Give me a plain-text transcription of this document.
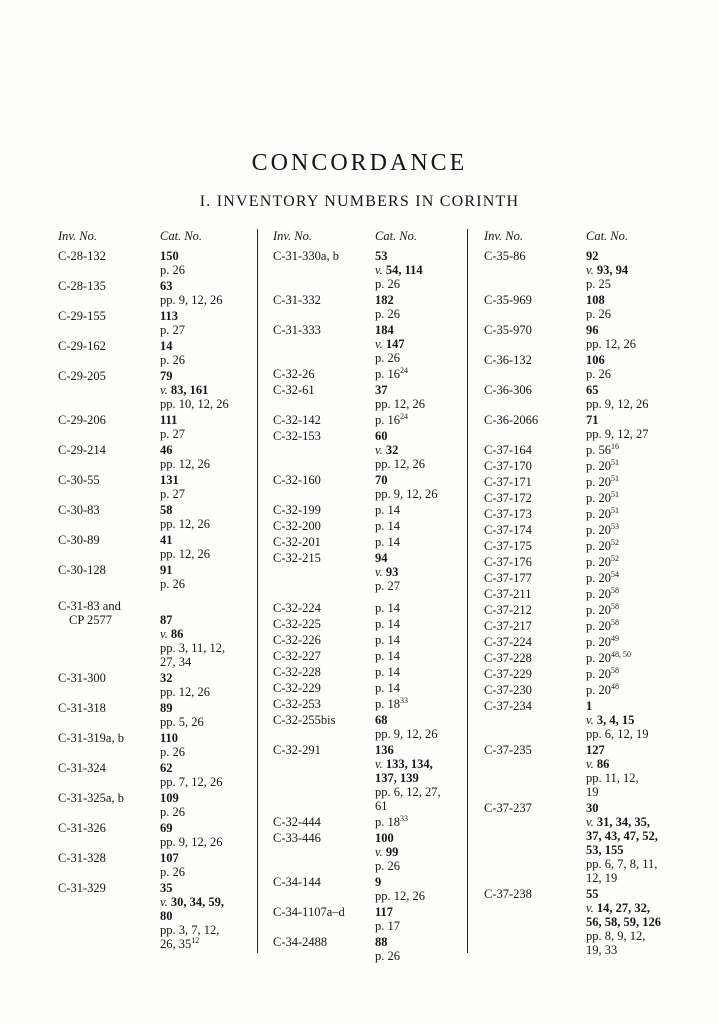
CONCORDANCE
I. INVENTORY NUMBERS IN CORINTH
Inv. No.	Cat. No.
C-28-132	150
p. 26
C-28-135	63
pp. 9, 12, 26
C-29-155	113
p. 27
C-29-162	14
p. 26
C-29-205	79
v. 83, 161
pp. 10, 12, 26
C-29-206	111
p. 27
C-29-214	46
pp. 12, 26
C-30-55	131
p. 27
C-30-83	58
pp. 12, 26
C-30-89	41
pp. 12, 26
C-30-128	91
p. 26
C-31-83 and
CP 2577	87
v. 86
pp. 3, 11, 12,
27, 34
C-31-300	32
pp. 12, 26
C-31-318	89
pp. 5, 26
C-31-319a, b	110
p. 26
C-31-324	62
pp. 7, 12, 26
C-31-325a, b	109
p. 26
C-31-326	69
pp. 9, 12, 26
C-31-328	107
p. 26
C-31-329	35
v. 30, 34, 59,
80
pp. 3, 7, 12,
26, $35^{12}$
Inv. No.	Cat. No.
C-31-330a, b	53
v. 54, 114
p. 26
C-31-332	182
p. 26
C-31-333	184
v. 147
p. 26
C-32-26	p. $16^{24}$
C-32-61	37
pp. 12, 26
C-32-142	p. $16^{24}$
C-32-153	60
v. 32
pp. 12, 26
C-32-160	70
pp. 9, 12, 26
C-32-199	p. 14
C-32-200	p. 14
C-32-201	p. 14
C-32-215	94
v. 93
p. 27
C-32-224	p. 14
C-32-225	p. 14
C-32-226	p. 14
C-32-227	p. 14
C-32-228	p. 14
C-32-229	p. 14
C-32-253	p. $18^{33}$
C-32-255bis	68
pp. 9, 12, 26
C-32-291	136
v. 133, 134,
137, 139
pp. 6, 12, 27,
61
C-32-444	p. $18^{33}$
C-33-446	100
v. 99
p. 26
C-34-144	9
pp. 12, 26
C-34-1107a–d	117
p. 17
C-34-2488	88
p. 26
Inv. No.	Cat. No.
C-35-86	92
v. 93, 94
p. 25
C-35-969	108
p. 26
C-35-970	96
pp. 12, 26
C-36-132	106
p. 26
C-36-306	65
pp. 9, 12, 26
C-36-2066	71
pp. 9, 12, 27
C-37-164	p. $56^{16}$
C-37-170	p. $20^{51}$
C-37-171	p. $20^{51}$
C-37-172	p. $20^{51}$
C-37-173	p. $20^{51}$
C-37-174	p. $20^{53}$
C-37-175	p. $20^{52}$
C-37-176	p. $20^{52}$
C-37-177	p. $20^{54}$
C-37-211	p. $20^{58}$
C-37-212	p. $20^{58}$
C-37-217	p. $20^{58}$
C-37-224	p. $20^{49}$
C-37-228	p. 20$^{48, 50}$
C-37-229	p. $20^{58}$
C-37-230	p. $20^{48}$
C-37-234	1
v. 3, 4, 15
pp. 6, 12, 19
C-37-235	127
v. 86
pp. 11, 12,
19
C-37-237	30
v. 31, 34, 35,
37, 43, 47, 52,
53, 155
pp. 6, 7, 8, 11,
12, 19
C-37-238	55
v. 14, 27, 32,
56, 58, 59, 126
pp. 8, 9, 12,
19, 33
